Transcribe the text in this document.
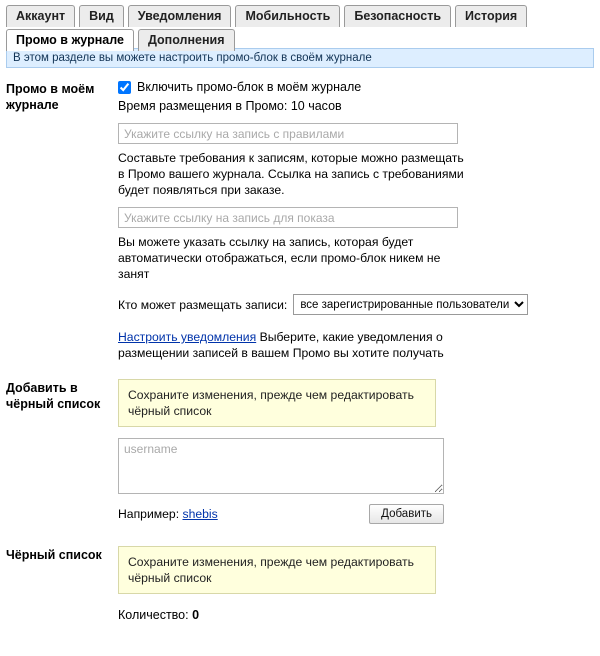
Аккаунт	Вид	Уведомления	Мобильность	Безопасность	История
Промо в журнале	Дополнения
В этом разделе вы можете настроить промо-блок в своём журнале
Промо в моём журнале
Включить промо-блок в моём журнале
Время размещения в Промо: 10 часов
Укажите ссылку на запись с правилами
Составьте требования к записям, которые можно размещать в Промо вашего журнала. Ссылка на запись с требованиями будет появляться при заказе.
Укажите ссылку на запись для показа
Вы можете указать ссылку на запись, которая будет автоматически отображаться, если промо-блок никем не занят
Кто может размещать записи:
все зарегистрированные пользователи
Настроить уведомления Выберите, какие уведомления о размещении записей в вашем Промо вы хотите получать
Добавить в чёрный список
Сохраните изменения, прежде чем редактировать чёрный список
username
Например:
shebis	Добавить
Чёрный список	Сохраните изменения, прежде чем редактировать чёрный список
Количество: 0
